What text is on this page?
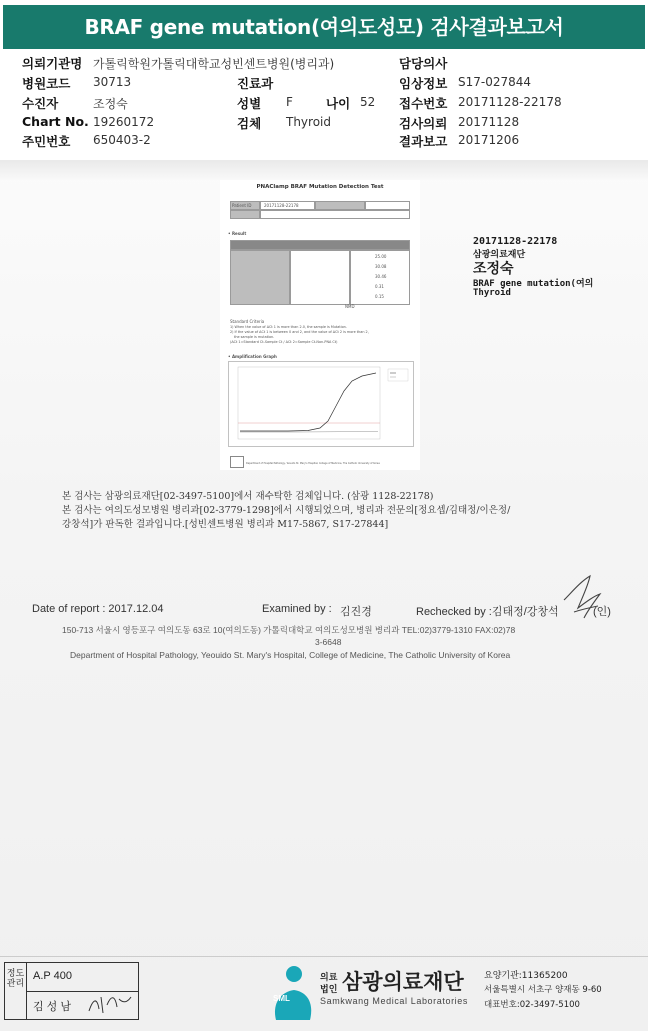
BRAF gene mutation(여의도성모) 검사결과보고서
의뢰기관명 가톨릭학원가톨릭대학교성빈센트병원(병리과)	담당의사
병원코드 30713	진료과	임상정보 S17-027844
수진자	조정숙	성별 F	나이 52 접수번호 20171128-22178
Chart No. 19260172	검체 Thyroid	검사의뢰 20171128
주민번호 650403-2	결과보고 20171206
PNAClamp BRAF Mutation Detection Test
Patient ID	20171128-22178
• Result
25.00
30.08
30.46
0.31
0.15
NMD
Standard Criteria
1) When the value of ΔCt 1 is more than 2.0, the sample is Mutation.
2) If the value of ΔCt 1 is between 0 and 2, and the value of ΔCt 2 is more than 2,
the sample is mutation.
(ΔCt 1=Standard Ct-Sample Ct / ΔCt 2=Sample Ct-Non-PNA Ct)
• Amplification Graph
Department of Hospital Pathology, Yeouido St. Mary's Hospital, College of Medicine, The Catholic University of Korea
20171128-22178
삼광의료재단
조정숙
BRAF gene mutation(여의
Thyroid
본 검사는 삼광의료재단[02-3497-5100]에서 재수탁한 검체입니다. (삼광 1128-22178)
본 검사는 여의도성모병원 병리과[02-3779-1298]에서 시행되었으며, 병리과 전문의[정요셉/김태정/이은정/
강창석]가 판독한 결과입니다.[성빈센트병원 병리과 M17-5867, S17-27844]
Date of report : 2017.12.04	Examined by : 김진경	Rechecked by :김태정/강창석	(인)
150-713 서울시 영등포구 여의도동 63로 10(여의도동) 가톨릭대학교 여의도성모병원 병리과 TEL:02)3779-1310 FAX:02)78
3-6648
Department of Hospital Pathology, Yeouido St. Mary's Hospital, College of Medicine, The Catholic University of Korea
정도관리
A.P 400
김 성 남
SML
의료
법인 삼광의료재단
Samkwang Medical Laboratories
요양기관:11365200
서울특별시 서초구 양재동 9-60
대표번호:02-3497-5100
